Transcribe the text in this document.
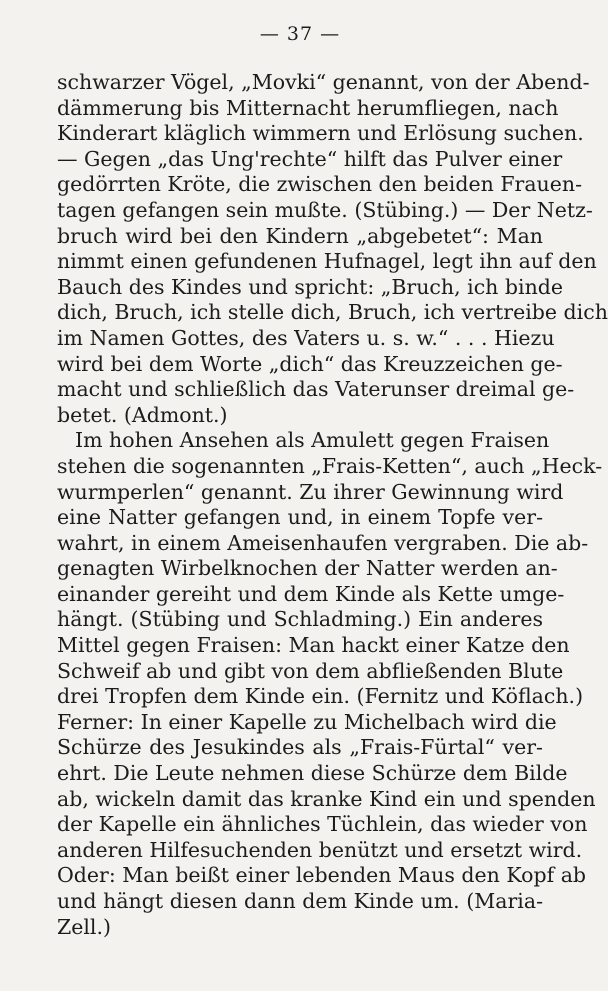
— 37 —
schwarzer Vögel, „Movki“ genannt, von der Abend-
dämmerung bis Mitternacht herumfliegen, nach
Kinderart kläglich wimmern und Erlösung suchen.
— Gegen „das Ung'rechte“ hilft das Pulver einer
gedörrten Kröte, die zwischen den beiden Frauen-
tagen gefangen sein mußte. (Stübing.) — Der Netz-
bruch wird bei den Kindern „abgebetet“: Man
nimmt einen gefundenen Hufnagel, legt ihn auf den
Bauch des Kindes und spricht: „Bruch, ich binde
dich, Bruch, ich stelle dich, Bruch, ich vertreibe dich
im Namen Gottes, des Vaters u. s. w.“ . . . Hiezu
wird bei dem Worte „dich“ das Kreuzzeichen ge-
macht und schließlich das Vaterunser dreimal ge-
betet. (Admont.)
Im hohen Ansehen als Amulett gegen Fraisen
stehen die sogenannten „Frais-Ketten“, auch „Heck-
wurmperlen“ genannt. Zu ihrer Gewinnung wird
eine Natter gefangen und, in einem Topfe ver-
wahrt, in einem Ameisenhaufen vergraben. Die ab-
genagten Wirbelknochen der Natter werden an-
einander gereiht und dem Kinde als Kette umge-
hängt. (Stübing und Schladming.) Ein anderes
Mittel gegen Fraisen: Man hackt einer Katze den
Schweif ab und gibt von dem abfließenden Blute
drei Tropfen dem Kinde ein. (Fernitz und Köflach.)
Ferner: In einer Kapelle zu Michelbach wird die
Schürze des Jesukindes als „Frais-Fürtal“ ver-
ehrt. Die Leute nehmen diese Schürze dem Bilde
ab, wickeln damit das kranke Kind ein und spenden
der Kapelle ein ähnliches Tüchlein, das wieder von
anderen Hilfesuchenden benützt und ersetzt wird.
Oder: Man beißt einer lebenden Maus den Kopf ab
und hängt diesen dann dem Kinde um. (Maria-
Zell.)
